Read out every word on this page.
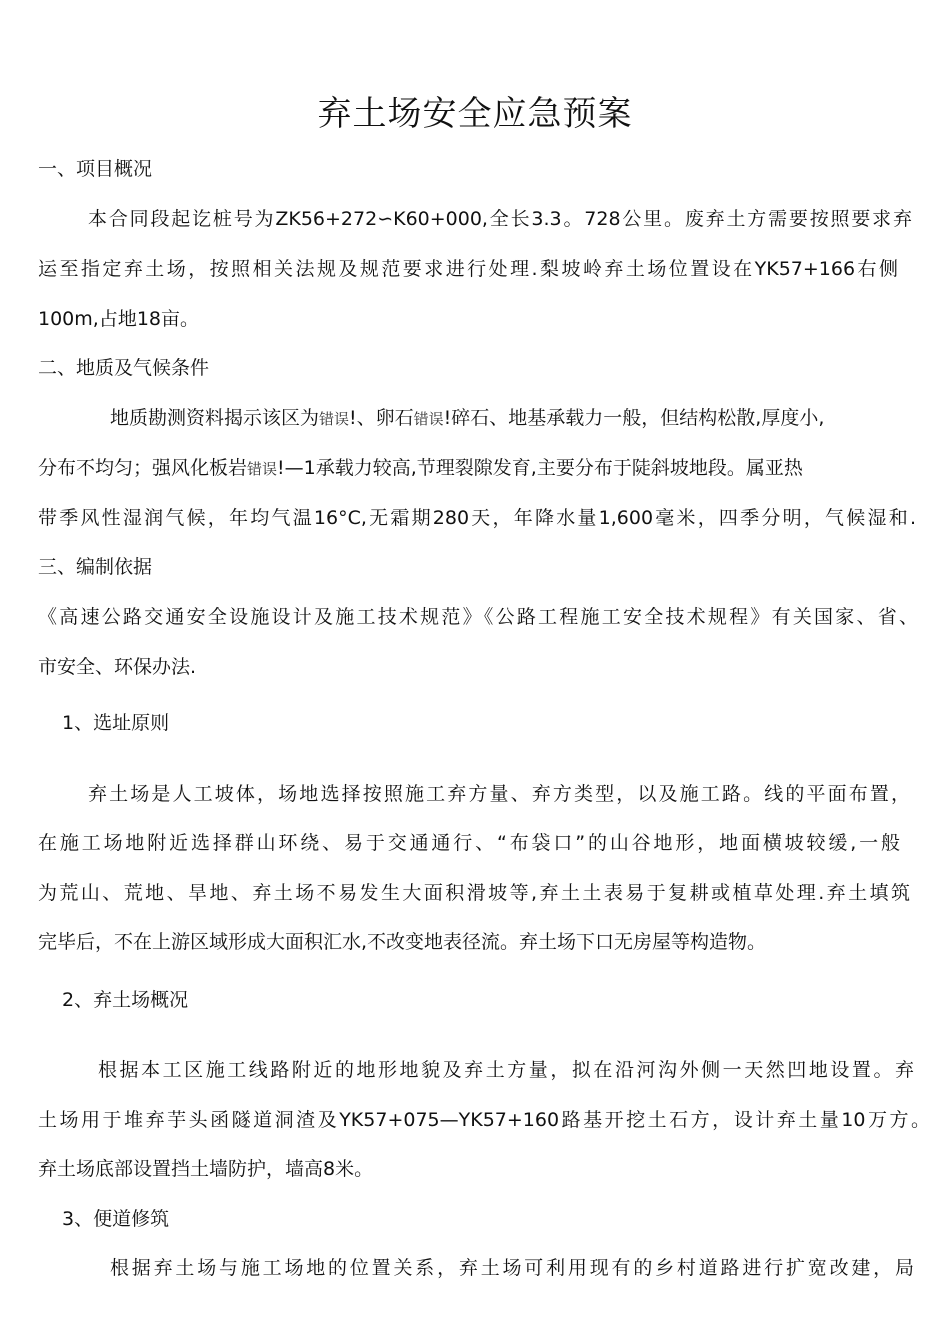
弃土场安全应急预案
一、项目概况
本合同段起讫桩号为ZK56+272∽K60+000,全长3.3。728公里。废弃土方需要按照要求弃
运至指定弃土场，按照相关法规及规范要求进行处理.梨坡岭弃土场位置设在YK57+166右侧
100m,占地18亩。
二、地质及气候条件
地质勘测资料揭示该区为错误!、卵石错误!碎石、地基承载力一般，但结构松散,厚度小,
分布不均匀；强风化板岩错误!—1承载力较高,节理裂隙发育,主要分布于陡斜坡地段。属亚热
带季风性湿润气候，年均气温16°C,无霜期280天，年降水量1,600毫米，四季分明，气候湿和.
三、编制依据
《高速公路交通安全设施设计及施工技术规范》《公路工程施工安全技术规程》有关国家、省、
市安全、环保办法.
1、选址原则
弃土场是人工坡体，场地选择按照施工弃方量、弃方类型，以及施工路。线的平面布置，
在施工场地附近选择群山环绕、易于交通通行、“布袋口”的山谷地形，地面横坡较缓,一般
为荒山、荒地、旱地、弃土场不易发生大面积滑坡等,弃土土表易于复耕或植草处理.弃土填筑
完毕后，不在上游区域形成大面积汇水,不改变地表径流。弃土场下口无房屋等构造物。
2、弃土场概况
根据本工区施工线路附近的地形地貌及弃土方量，拟在沿河沟外侧一天然凹地设置。弃
土场用于堆弃芋头函隧道洞渣及YK57+075—YK57+160路基开挖土石方，设计弃土量10万方。
弃土场底部设置挡土墙防护，墙高8米。
3、便道修筑
根据弃土场与施工场地的位置关系，弃土场可利用现有的乡村道路进行扩宽改建，局
